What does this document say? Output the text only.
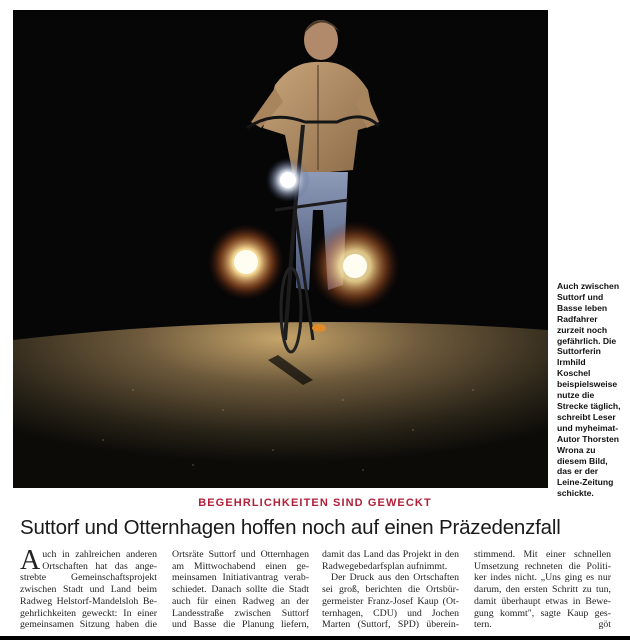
Auch zwischen
Suttorf und
Basse leben
Radfahrer
zurzeit noch
gefährlich. Die
Suttorferin
Irmhild
Koschel
beispielsweise
nutze die
Strecke täglich,
schreibt Leser
und myheimat-
Autor Thorsten
Wrona zu
diesem Bild,
das er der
Leine-Zeitung
schickte.
BEGEHRLICHKEITEN SIND GEWECKT
Suttorf und Otternhagen hoffen noch auf einen Präzedenzfall
A uch in zahlreichen anderen
Ortschaften hat das ange-
strebte Gemeinschaftsprojekt
zwischen Stadt und Land beim
Radweg Helstorf-Mandelsloh Be-
gehrlichkeiten geweckt: In einer
gemeinsamen Sitzung haben die
Ortsräte Suttorf und Otternhagen
am Mittwochabend einen ge-
meinsamen Initiativantrag verab-
schiedet. Danach sollte die Stadt
auch für einen Radweg an der
Landesstraße zwischen Suttorf
und Basse die Planung liefern,
damit das Land das Projekt in den
Radwegebedarfsplan aufnimmt.
Der Druck aus den Ortschaften
sei groß, berichten die Ortsbür-
germeister Franz-Josef Kaup (Ot-
ternhagen, CDU) und Jochen
Marten (Suttorf, SPD) überein-
stimmend. Mit einer schnellen
Umsetzung rechneten die Politi-
ker indes nicht. „Uns ging es nur
darum, den ersten Schritt zu tun,
damit überhaupt etwas in Bewe-
gung kommt", sagte Kaup ges-
tern. göt
